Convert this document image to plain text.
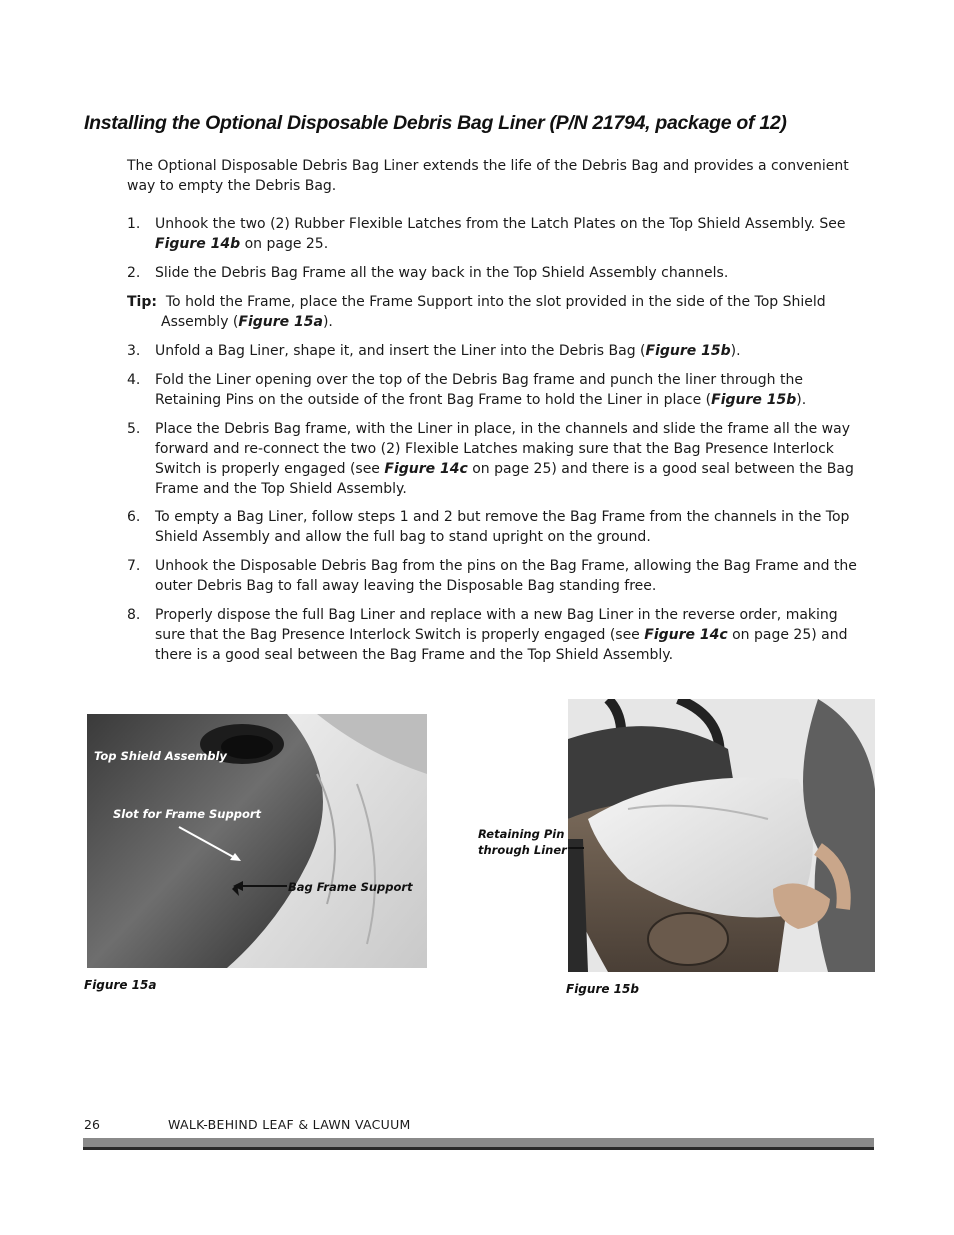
Installing the Optional Disposable Debris Bag Liner (P/N 21794, package of 12)
The Optional Disposable Debris Bag Liner extends the life of the Debris Bag and provides a convenient way to empty the Debris Bag.
1.	Unhook the two (2) Rubber Flexible Latches from the Latch Plates on the Top Shield Assembly. See Figure 14b on page 25.
2.	Slide the Debris Bag Frame all the way back in the Top Shield Assembly channels.
Tip: To hold the Frame, place the Frame Support into the slot provided in the side of the Top Shield Assembly (Figure 15a).
3.	Unfold a Bag Liner, shape it, and insert the Liner into the Debris Bag (Figure 15b).
4.	Fold the Liner opening over the top of the Debris Bag frame and punch the liner through the Retaining Pins on the outside of the front Bag Frame to hold the Liner in place (Figure 15b).
5.	Place the Debris Bag frame, with the Liner in place, in the channels and slide the frame all the way forward and re-connect the two (2) Flexible Latches making sure that the Bag Presence Interlock Switch is properly engaged (see Figure 14c on page 25) and there is a good seal between the Bag Frame and the Top Shield Assembly.
6.	To empty a Bag Liner, follow steps 1 and 2 but remove the Bag Frame from the channels in the Top Shield Assembly and allow the full bag to stand upright on the ground.
7.	Unhook the Disposable Debris Bag from the pins on the Bag Frame, allowing the Bag Frame and the outer Debris Bag to fall away leaving the Disposable Bag standing free.
8.	Properly dispose the full Bag Liner and replace with a new Bag Liner in the reverse order, making sure that the Bag Presence Interlock Switch is properly engaged (see Figure 14c on page 25) and there is a good seal between the Bag Frame and the Top Shield Assembly.
Top Shield Assembly
Slot for Frame Support
Bag Frame Support
Figure 15a
Retaining Pin
through Liner
Figure 15b
26	WALK-BEHIND LEAF & LAWN VACUUM
